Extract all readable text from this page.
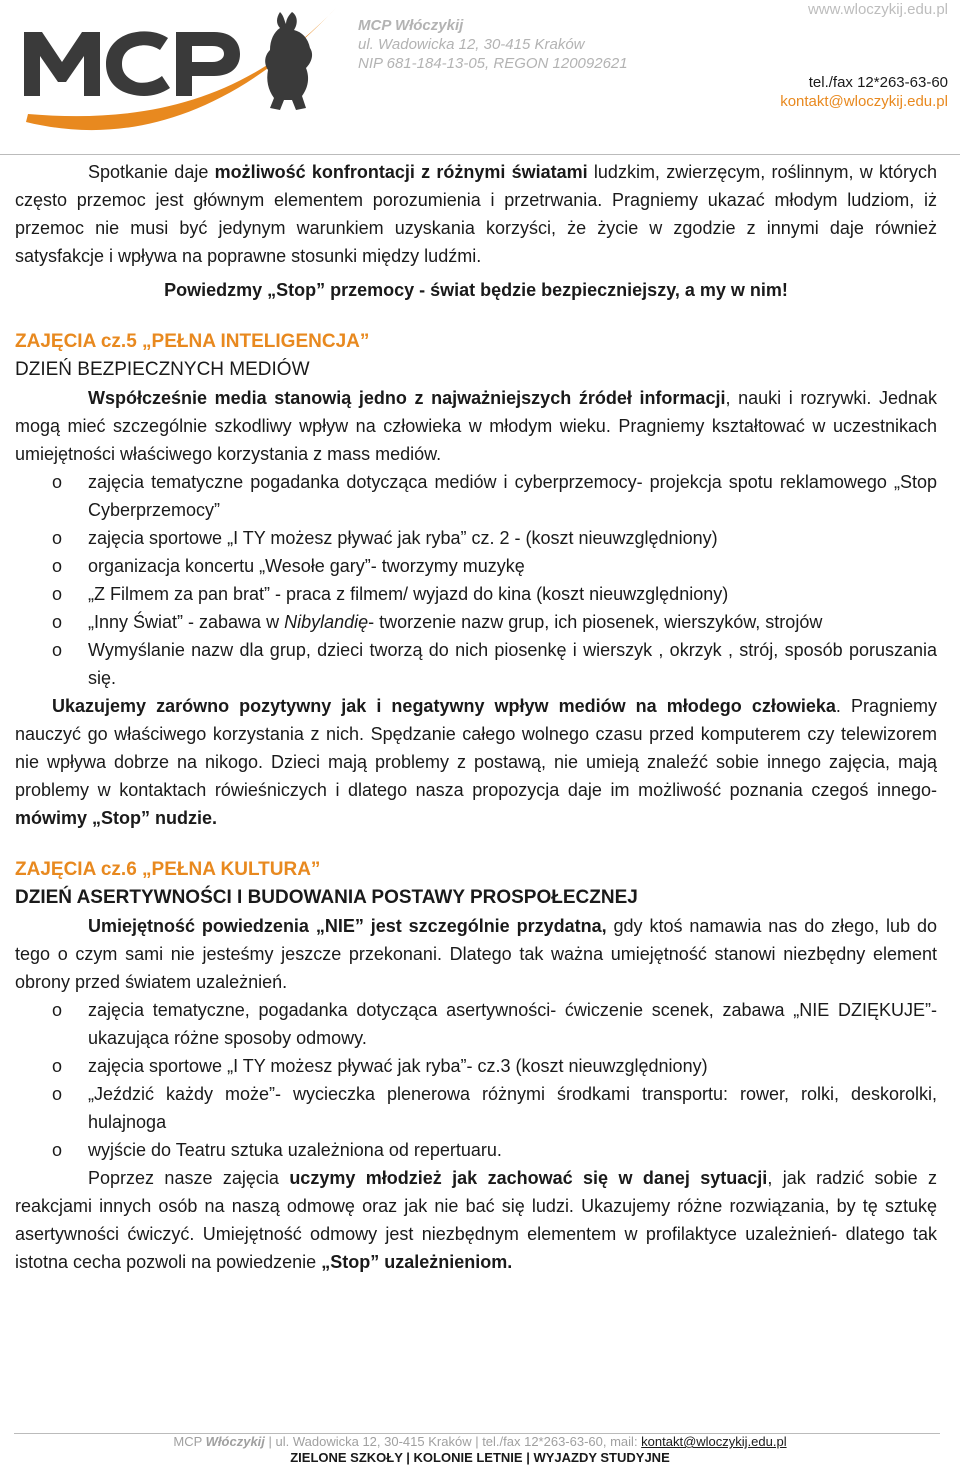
MCP Włóczykij
ul. Wadowicka 12, 30-415 Kraków
NIP 681-184-13-05, REGON 120092621
www.wloczykij.edu.pl
tel./fax 12*263-63-60
kontakt@wloczykij.edu.pl

Spotkanie daje możliwość konfrontacji z różnymi światami ludzkim, zwierzęcym, roślinnym, w których często przemoc jest głównym elementem porozumienia i przetrwania. Pragniemy ukazać młodym ludziom, iż przemoc nie musi być jedynym warunkiem uzyskania korzyści, że życie w zgodzie z innymi daje również satysfakcje i wpływa na poprawne stosunki między ludźmi.

Powiedzmy „Stop” przemocy - świat będzie bezpieczniejszy, a my w nim!

ZAJĘCIA cz.5 „PEŁNA INTELIGENCJA”

DZIEŃ BEZPIECZNYCH MEDIÓW

Współcześnie media stanowią jedno z najważniejszych źródeł informacji, nauki i rozrywki. Jednak mogą mieć szczególnie szkodliwy wpływ na człowieka w młodym wieku. Pragniemy kształtować w uczestnikach umiejętności właściwego korzystania z mass mediów.

o zajęcia tematyczne pogadanka dotycząca mediów i cyberprzemocy- projekcja spotu reklamowego „Stop Cyberprzemocy”
o zajęcia sportowe „I TY możesz pływać jak ryba” cz. 2 - (koszt nieuwzględniony)
o organizacja koncertu „Wesołe gary”- tworzymy muzykę
o „Z Filmem za pan brat” - praca z filmem/ wyjazd do kina (koszt nieuwzględniony)
o „Inny Świat” - zabawa w Nibylandię- tworzenie nazw grup, ich piosenek, wierszyków, strojów
o Wymyślanie nazw dla grup, dzieci tworzą do nich piosenkę i wierszyk , okrzyk , strój, sposób poruszania się.

Ukazujemy zarówno pozytywny jak i negatywny wpływ mediów na młodego człowieka. Pragniemy nauczyć go właściwego korzystania z nich. Spędzanie całego wolnego czasu przed komputerem czy telewizorem nie wpływa dobrze na nikogo. Dzieci mają problemy z postawą, nie umieją znaleźć sobie innego zajęcia, mają problemy w kontaktach rówieśniczych i dlatego nasza propozycja daje im możliwość poznania czegoś innego- mówimy „Stop” nudzie.

ZAJĘCIA cz.6 „PEŁNA KULTURA”

DZIEŃ ASERTYWNOŚCI I BUDOWANIA POSTAWY PROSPOŁECZNEJ

Umiejętność powiedzenia „NIE” jest szczególnie przydatna, gdy ktoś namawia nas do złego, lub do tego o czym sami nie jesteśmy jeszcze przekonani. Dlatego tak ważna umiejętność stanowi niezbędny element obrony przed światem uzależnień.

o zajęcia tematyczne, pogadanka dotycząca asertywności- ćwiczenie scenek, zabawa „NIE DZIĘKUJE”- ukazująca różne sposoby odmowy.
o zajęcia sportowe „I TY możesz pływać jak ryba”- cz.3 (koszt nieuwzględniony)
o „Jeździć każdy może”- wycieczka plenerowa różnymi środkami transportu: rower, rolki, deskorolki, hulajnoga
o wyjście do Teatru sztuka uzależniona od repertuaru.

Poprzez nasze zajęcia uczymy młodzież jak zachować się w danej sytuacji, jak radzić sobie z reakcjami innych osób na naszą odmowę oraz jak nie bać się ludzi. Ukazujemy różne rozwiązania, by tę sztukę asertywności ćwiczyć. Umiejętność odmowy jest niezbędnym elementem w profilaktyce uzależnień- dlatego tak istotna cecha pozwoli na powiedzenie „Stop” uzależnieniom.

MCP Włóczykij | ul. Wadowicka 12, 30-415 Kraków | tel./fax 12*263-63-60, mail: kontakt@wloczykij.edu.pl
ZIELONE SZKOŁY | KOLONIE LETNIE | WYJAZDY STUDYJNE
